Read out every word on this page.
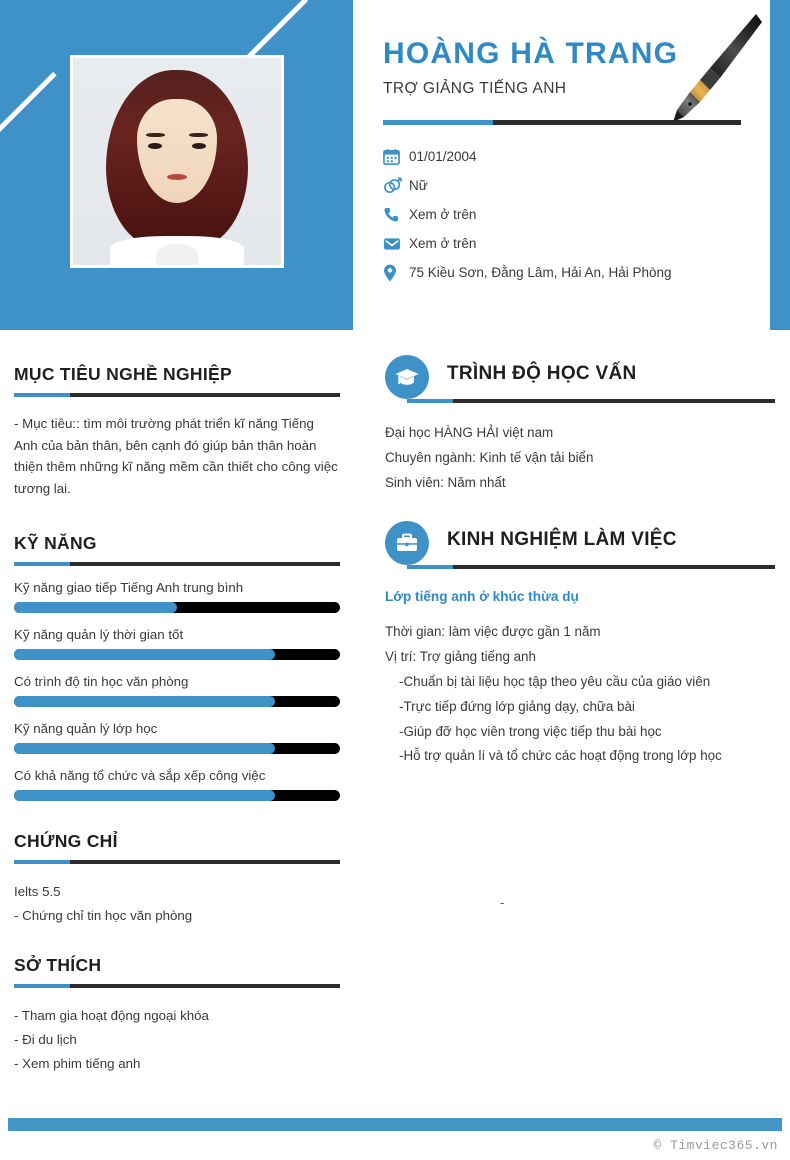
HOÀNG HÀ TRANG
TRỢ GIẢNG TIẾNG ANH
01/01/2004
Nữ
Xem ở trên
Xem ở trên
75 Kiều Sơn, Đằng Lâm, Hải An, Hải Phòng
MỤC TIÊU NGHỀ NGHIỆP
- Mục tiêu:: tìm môi trường phát triển kĩ năng Tiếng Anh của bản thân, bên cạnh đó giúp bản thân hoàn thiện thêm những kĩ năng mềm cần thiết cho công việc tương lai.
KỸ NĂNG
Kỹ năng giao tiếp Tiếng Anh trung bình
Kỹ năng quản lý thời gian tốt
Có trình độ tin học văn phòng
Kỹ năng quản lý lớp học
Có khả năng tổ chức và sắp xếp công việc
CHỨNG CHỈ
Ielts 5.5
- Chứng chỉ tin học văn phòng
SỞ THÍCH
- Tham gia hoạt động ngoại khóa
- Đi du lịch
- Xem phim tiếng anh
TRÌNH ĐỘ HỌC VẤN
Đại học HÀNG HẢI việt nam
Chuyên ngành: Kinh tế vận tải biển
Sinh viên: Năm nhất
KINH NGHIỆM LÀM VIỆC
Lớp tiếng anh ở khúc thừa dụ
Thời gian: làm việc được gần 1 năm
Vị trí: Trợ giảng tiếng anh
-Chuẩn bị tài liệu học tập theo yêu cầu của giáo viên
-Trực tiếp đứng lớp giảng dạy, chữa bài
-Giúp đỡ học viên trong việc tiếp thu bài học
-Hỗ trợ quản lí và tổ chức các hoạt động trong lớp học
-
© Timviec365.vn
